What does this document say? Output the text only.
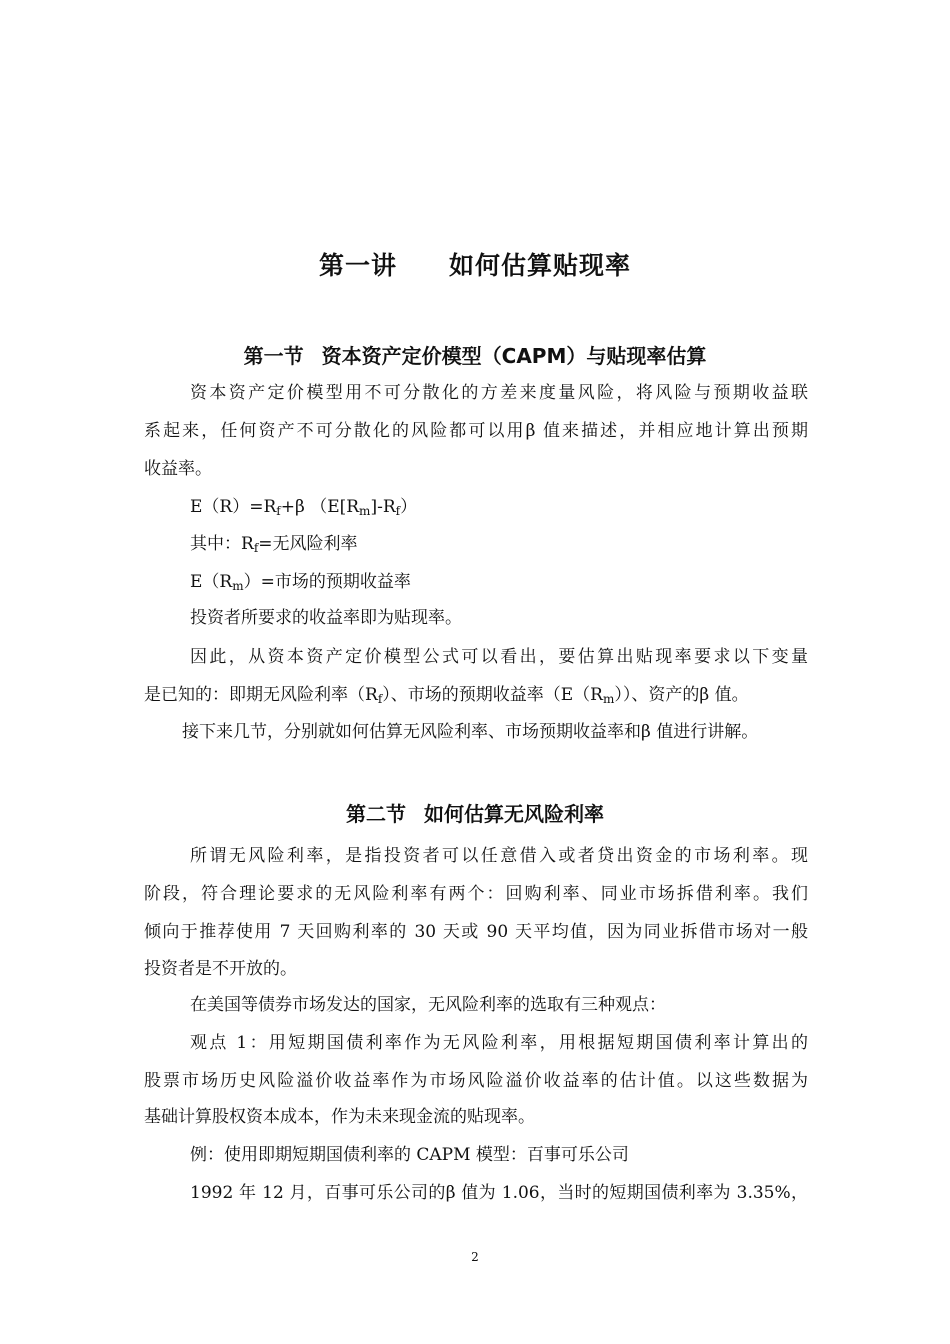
第一讲 如何估算贴现率
第一节 资本资产定价模型（CAPM）与贴现率估算
资本资产定价模型用不可分散化的方差来度量风险，将风险与预期收益联
系起来，任何资产不可分散化的风险都可以用β 值来描述，并相应地计算出预期
收益率。
E（R）=Rf+β （E[Rm]-Rf）
其中：Rf=无风险利率
E（Rm）=市场的预期收益率
投资者所要求的收益率即为贴现率。
因此，从资本资产定价模型公式可以看出，要估算出贴现率要求以下变量
是已知的：即期无风险利率（Rf）、市场的预期收益率（E（Rm））、资产的β 值。
接下来几节，分别就如何估算无风险利率、市场预期收益率和β 值进行讲解。
第二节 如何估算无风险利率
所谓无风险利率，是指投资者可以任意借入或者贷出资金的市场利率。现
阶段，符合理论要求的无风险利率有两个：回购利率、同业市场拆借利率。我们
倾向于推荐使用 7 天回购利率的 30 天或 90 天平均值，因为同业拆借市场对一般
投资者是不开放的。
在美国等债券市场发达的国家，无风险利率的选取有三种观点：
观点 1：用短期国债利率作为无风险利率，用根据短期国债利率计算出的
股票市场历史风险溢价收益率作为市场风险溢价收益率的估计值。以这些数据为
基础计算股权资本成本，作为未来现金流的贴现率。
例：使用即期短期国债利率的 CAPM 模型：百事可乐公司
1992 年 12 月，百事可乐公司的β 值为 1.06，当时的短期国债利率为 3.35%，
2
